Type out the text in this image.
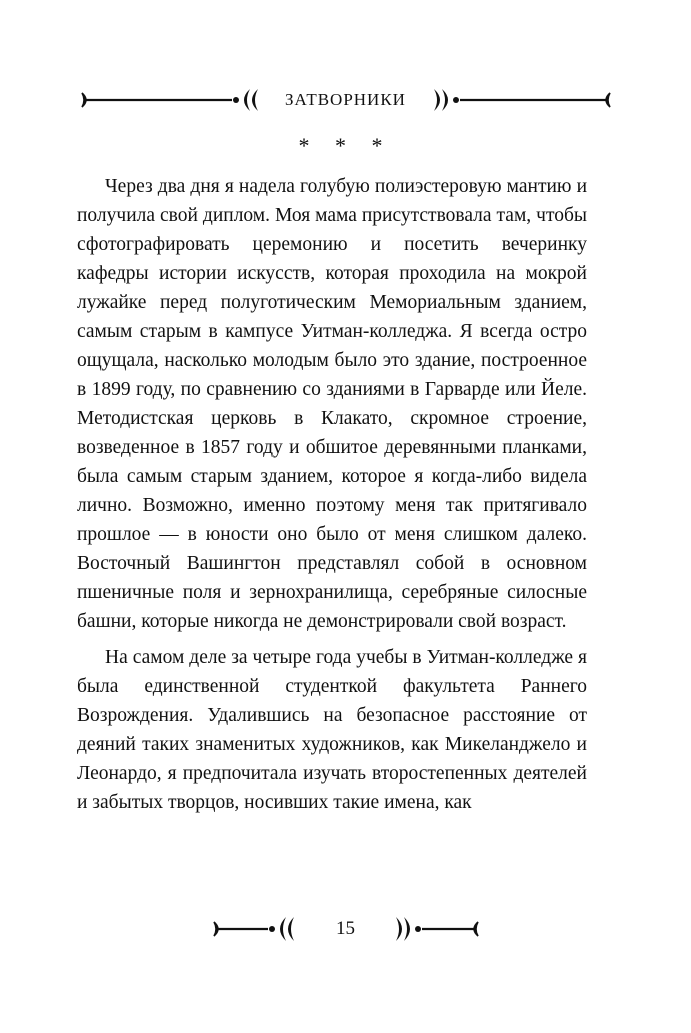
ЗАТВОРНИКИ
* * *

Через два дня я надела голубую полиэстеровую мантию и получила свой диплом. Моя мама присутствовала там, чтобы сфотографировать церемонию и посетить вечеринку кафедры истории искусств, которая проходила на мокрой лужайке перед полуготическим Мемориальным зданием, самым старым в кампусе Уитман-колледжа. Я всегда остро ощущала, насколько молодым было это здание, построенное в 1899 году, по сравнению со зданиями в Гарварде или Йеле. Методистская церковь в Клакато, скромное строение, возведенное в 1857 году и обшитое деревянными планками, была самым старым зданием, которое я когда-либо видела лично. Возможно, именно поэтому меня так притягивало прошлое — в юности оно было от меня слишком далеко. Восточный Вашингтон представлял собой в основном пшеничные поля и зернохранилища, серебряные силосные башни, которые никогда не демонстрировали свой возраст.

На самом деле за четыре года учебы в Уитман-колледже я была единственной студенткой факультета Раннего Возрождения. Удалившись на безопасное расстояние от деяний таких знаменитых художников, как Микеланджело и Леонардо, я предпочитала изучать второстепенных деятелей и забытых творцов, носивших такие имена, как

15
